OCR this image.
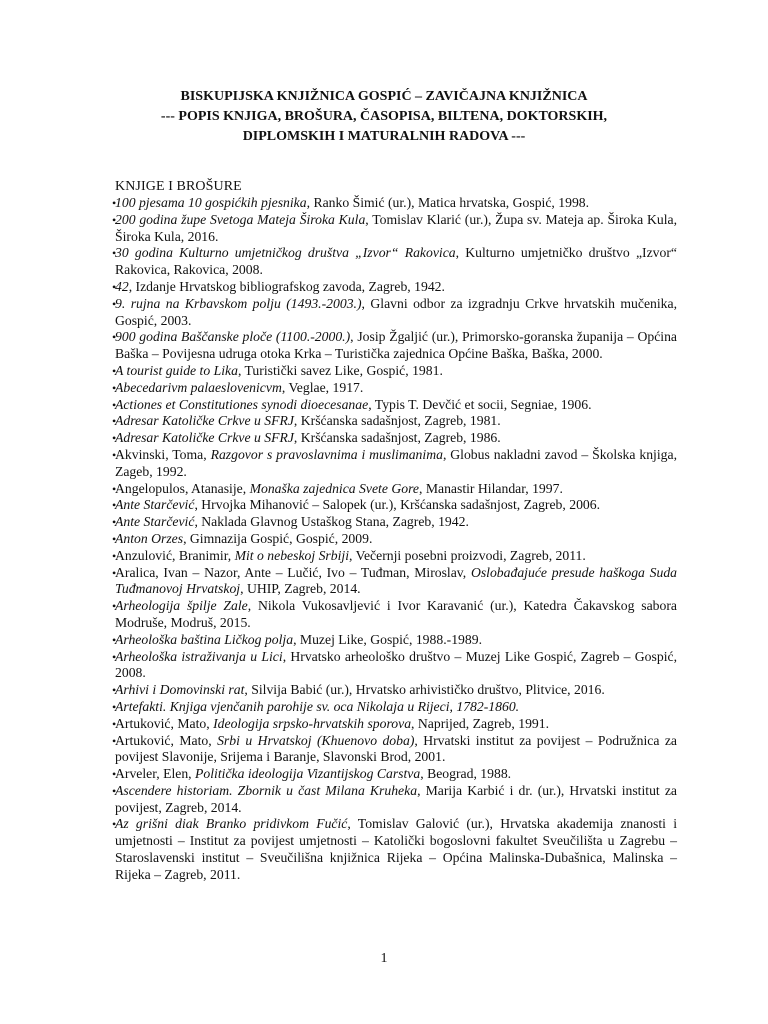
BISKUPIJSKA KNJIŽNICA GOSPIĆ – ZAVIČAJNA KNJIŽNICA
--- POPIS KNJIGA, BROŠURA, ČASOPISA, BILTENA, DOKTORSKIH,
DIPLOMSKIH I MATURALNIH RADOVA ---
KNJIGE I BROŠURE
•
100 pjesama 10 gospićkih pjesnika, Ranko Šimić (ur.), Matica hrvatska, Gospić, 1998.
•
200 godina župe Svetoga Mateja Široka Kula, Tomislav Klarić (ur.), Župa sv. Mateja ap. Široka Kula, Široka Kula, 2016.
•
30 godina Kulturno umjetničkog društva „Izvor“ Rakovica, Kulturno umjetničko društvo „Izvor“ Rakovica, Rakovica, 2008.
•
42, Izdanje Hrvatskog bibliografskog zavoda, Zagreb, 1942.
•
9. rujna na Krbavskom polju (1493.-2003.), Glavni odbor za izgradnju Crkve hrvatskih mučenika, Gospić, 2003.
•
900 godina Baščanske ploče (1100.-2000.), Josip Žgaljić (ur.), Primorsko-goranska županija – Općina Baška – Povijesna udruga otoka Krka – Turistička zajednica Općine Baška, Baška, 2000.
•
A tourist guide to Lika, Turistički savez Like, Gospić, 1981.
•
Abecedarivm palaeslovenicvm, Veglae, 1917.
•
Actiones et Constitutiones synodi dioecesanae, Typis T. Devčić et socii, Segniae, 1906.
•
Adresar Katoličke Crkve u SFRJ, Kršćanska sadašnjost, Zagreb, 1981.
•
Adresar Katoličke Crkve u SFRJ, Kršćanska sadašnjost, Zagreb, 1986.
•
Akvinski, Toma, Razgovor s pravoslavnima i muslimanima, Globus nakladni zavod – Školska knjiga, Zageb, 1992.
•
Angelopulos, Atanasije, Monaška zajednica Svete Gore, Manastir Hilandar, 1997.
•
Ante Starčević, Hrvojka Mihanović – Salopek (ur.), Kršćanska sadašnjost, Zagreb, 2006.
•
Ante Starčević, Naklada Glavnog Ustaškog Stana, Zagreb, 1942.
•
Anton Orzes, Gimnazija Gospić, Gospić, 2009.
•
Anzulović, Branimir, Mit o nebeskoj Srbiji, Večernji posebni proizvodi, Zagreb, 2011.
•
Aralica, Ivan – Nazor, Ante – Lučić, Ivo – Tuđman, Miroslav, Oslobađajuće presude haškoga Suda Tuđmanovoj Hrvatskoj, UHIP, Zagreb, 2014.
•
Arheologija špilje Zale, Nikola Vukosavljević i Ivor Karavanić (ur.), Katedra Čakavskog sabora Modruše, Modruš, 2015.
•
Arheološka baština Ličkog polja, Muzej Like, Gospić, 1988.-1989.
•
Arheološka istraživanja u Lici, Hrvatsko arheološko društvo – Muzej Like Gospić, Zagreb – Gospić, 2008.
•
Arhivi i Domovinski rat, Silvija Babić (ur.), Hrvatsko arhivističko društvo, Plitvice, 2016.
•
Artefakti. Knjiga vjenčanih parohije sv. oca Nikolaja u Rijeci, 1782-1860.
•
Artuković, Mato, Ideologija srpsko-hrvatskih sporova, Naprijed, Zagreb, 1991.
•
Artuković, Mato, Srbi u Hrvatskoj (Khuenovo doba), Hrvatski institut za povijest – Podružnica za povijest Slavonije, Srijema i Baranje, Slavonski Brod, 2001.
•
Arveler, Elen, Politička ideologija Vizantijskog Carstva, Beograd, 1988.
•
Ascendere historiam. Zbornik u čast Milana Kruheka, Marija Karbić i dr. (ur.), Hrvatski institut za povijest, Zagreb, 2014.
•
Az grišni diak Branko pridivkom Fučić, Tomislav Galović (ur.), Hrvatska akademija znanosti i umjetnosti – Institut za povijest umjetnosti – Katolički bogoslovni fakultet Sveučilišta u Zagrebu – Staroslavenski institut – Sveučilišna knjižnica Rijeka – Općina Malinska-Dubašnica, Malinska – Rijeka – Zagreb, 2011.
1
